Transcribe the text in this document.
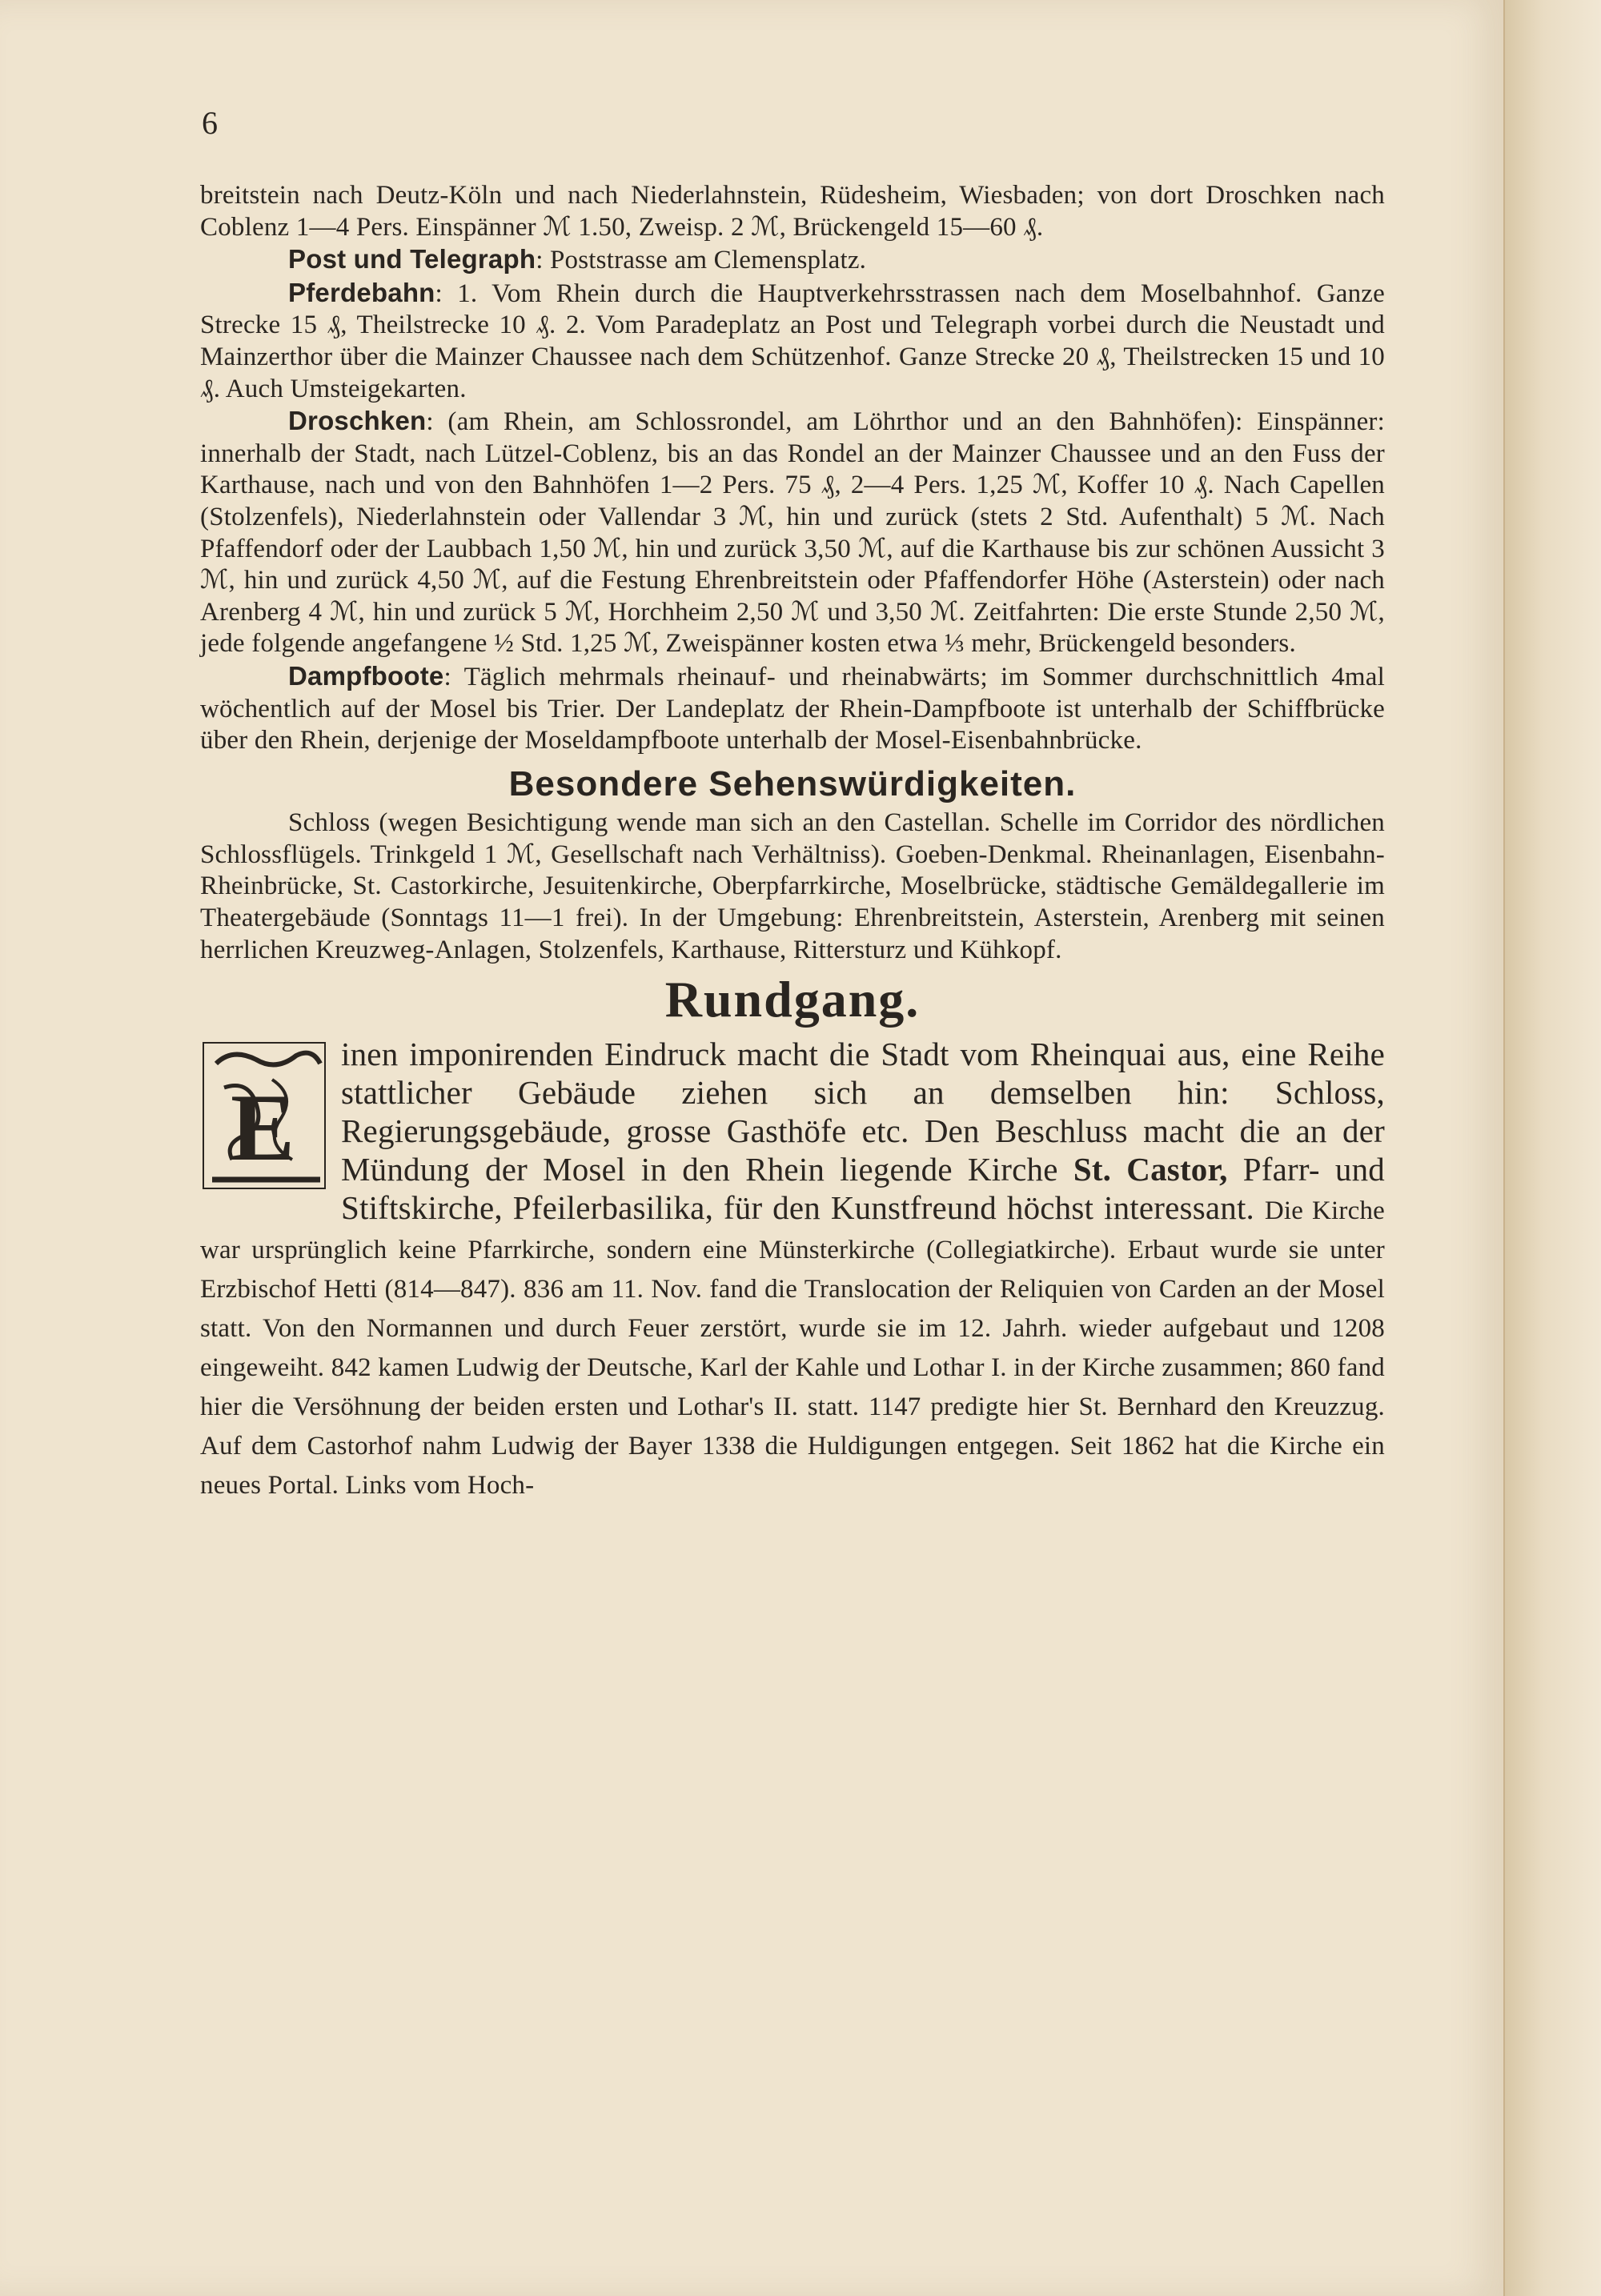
6

breitstein nach Deutz-Köln und nach Niederlahnstein, Rüdesheim, Wiesbaden; von dort Droschken nach Coblenz 1—4 Pers. Einspänner ℳ 1.50, Zweisp. 2 ℳ, Brückengeld 15—60 ₰.

Post und Telegraph: Poststrasse am Clemensplatz.

Pferdebahn: 1. Vom Rhein durch die Hauptverkehrsstrassen nach dem Moselbahnhof. Ganze Strecke 15 ₰, Theilstrecke 10 ₰. 2. Vom Paradeplatz an Post und Telegraph vorbei durch die Neustadt und Mainzerthor über die Mainzer Chaussee nach dem Schützenhof. Ganze Strecke 20 ₰, Theilstrecken 15 und 10 ₰. Auch Umsteigekarten.

Droschken: (am Rhein, am Schlossrondel, am Löhrthor und an den Bahnhöfen): Einspänner: innerhalb der Stadt, nach Lützel-Coblenz, bis an das Rondel an der Mainzer Chaussee und an den Fuss der Karthause, nach und von den Bahnhöfen 1—2 Pers. 75 ₰, 2—4 Pers. 1,25 ℳ, Koffer 10 ₰. Nach Capellen (Stolzenfels), Niederlahnstein oder Vallendar 3 ℳ, hin und zurück (stets 2 Std. Aufenthalt) 5 ℳ. Nach Pfaffendorf oder der Laubbach 1,50 ℳ, hin und zurück 3,50 ℳ, auf die Karthause bis zur schönen Aussicht 3 ℳ, hin und zurück 4,50 ℳ, auf die Festung Ehrenbreitstein oder Pfaffendorfer Höhe (Asterstein) oder nach Arenberg 4 ℳ, hin und zurück 5 ℳ, Horchheim 2,50 ℳ und 3,50 ℳ. Zeitfahrten: Die erste Stunde 2,50 ℳ, jede folgende angefangene ½ Std. 1,25 ℳ, Zweispänner kosten etwa ⅓ mehr, Brückengeld besonders.

Dampfboote: Täglich mehrmals rheinauf- und rheinabwärts; im Sommer durchschnittlich 4mal wöchentlich auf der Mosel bis Trier. Der Landeplatz der Rhein-Dampfboote ist unterhalb der Schiffbrücke über den Rhein, derjenige der Moseldampfboote unterhalb der Mosel-Eisenbahnbrücke.

Besondere Sehenswürdigkeiten.

Schloss (wegen Besichtigung wende man sich an den Castellan. Schelle im Corridor des nördlichen Schlossflügels. Trinkgeld 1 ℳ, Gesellschaft nach Verhältniss). Goeben-Denkmal. Rheinanlagen, Eisenbahn-Rheinbrücke, St. Castorkirche, Jesuitenkirche, Oberpfarrkirche, Moselbrücke, städtische Gemäldegallerie im Theatergebäude (Sonntags 11—1 frei). In der Umgebung: Ehrenbreitstein, Asterstein, Arenberg mit seinen herrlichen Kreuzweg-Anlagen, Stolzenfels, Karthause, Rittersturz und Kühkopf.

Rundgang.
E

inen imponirenden Eindruck macht die Stadt vom Rheinquai aus, eine Reihe stattlicher Gebäude ziehen sich an demselben hin: Schloss, Regierungsgebäude, grosse Gasthöfe etc. Den Beschluss macht die an der Mündung der Mosel in den Rhein liegende Kirche St. Castor, Pfarr- und Stiftskirche, Pfeilerbasilika, für den Kunstfreund höchst interessant. Die Kirche war ursprünglich keine Pfarrkirche, sondern eine Münsterkirche (Collegiatkirche). Erbaut wurde sie unter Erzbischof Hetti (814—847). 836 am 11. Nov. fand die Translocation der Reliquien von Carden an der Mosel statt. Von den Normannen und durch Feuer zerstört, wurde sie im 12. Jahrh. wieder aufgebaut und 1208 eingeweiht. 842 kamen Ludwig der Deutsche, Karl der Kahle und Lothar I. in der Kirche zusammen; 860 fand hier die Versöhnung der beiden ersten und Lothar's II. statt. 1147 predigte hier St. Bernhard den Kreuzzug. Auf dem Castorhof nahm Ludwig der Bayer 1338 die Huldigungen entgegen. Seit 1862 hat die Kirche ein neues Portal. Links vom Hoch-
